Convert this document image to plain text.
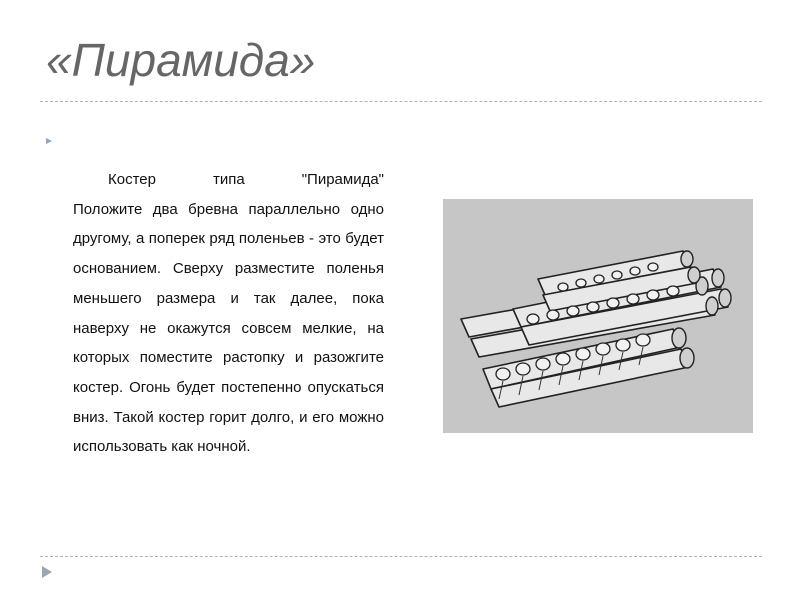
«Пирамида»

Костер типа "Пирамида"
Положите два бревна параллельно одно другому, а поперек ряд поленьев - это будет основанием. Сверху разместите поленья меньшего размера и так далее, пока наверху не окажутся совсем мелкие, на которых поместите растопку и разожгите костер. Огонь будет постепенно опускаться вниз. Такой костер горит долго, и его можно использовать как ночной.
